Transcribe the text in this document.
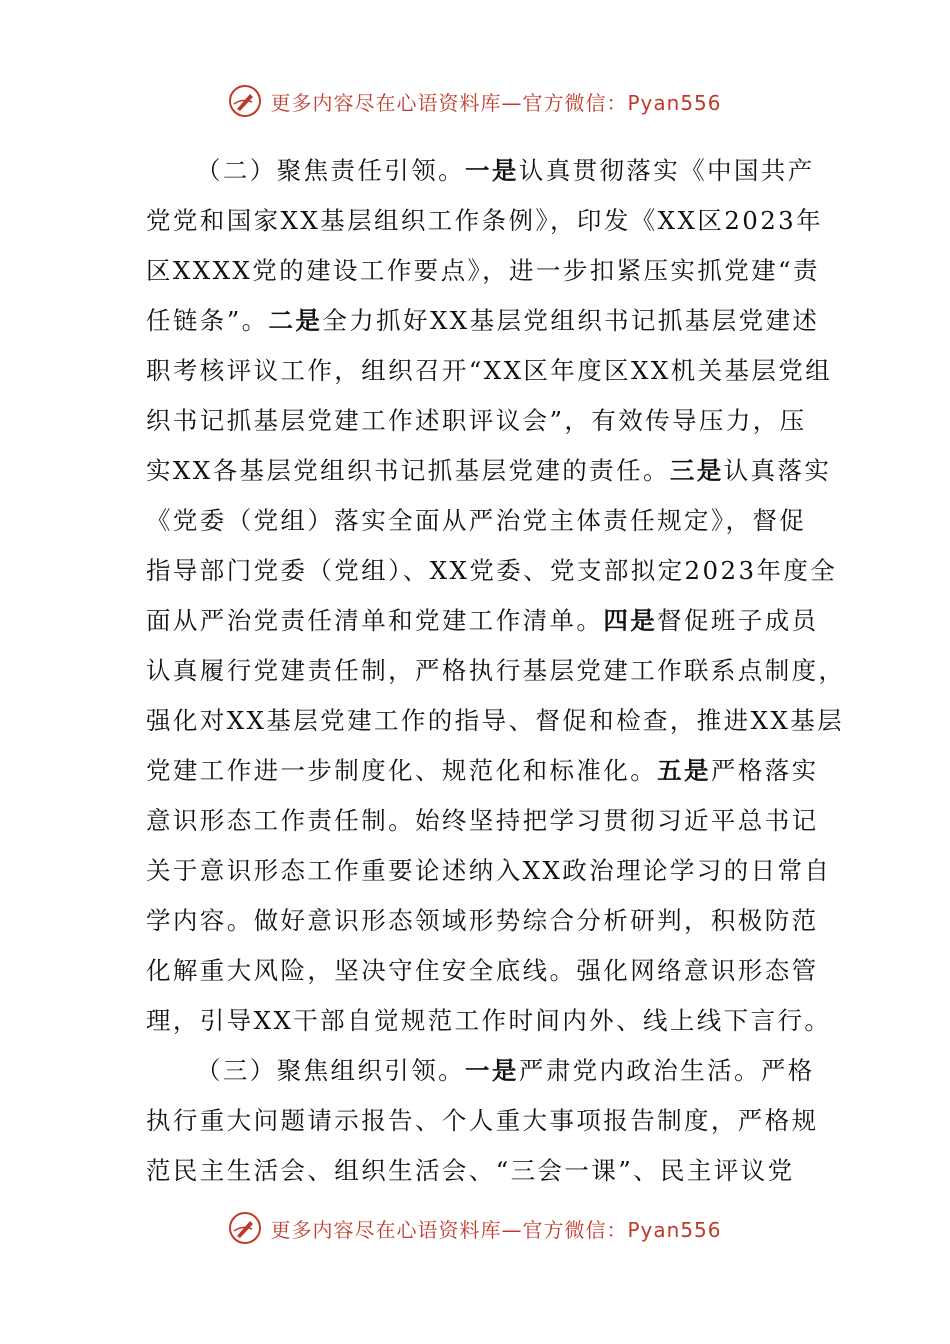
更多内容尽在心语资料库—官方微信：Pyan556
（二）聚焦责任引领。一是认真贯彻落实《中国共产
党党和国家XX基层组织工作条例》，印发《XX区2023年
区XXXX党的建设工作要点》，进一步扣紧压实抓党建“责
任链条”。二是全力抓好XX基层党组织书记抓基层党建述
职考核评议工作，组织召开“XX区年度区XX机关基层党组
织书记抓基层党建工作述职评议会”，有效传导压力，压
实XX各基层党组织书记抓基层党建的责任。三是认真落实
《党委（党组）落实全面从严治党主体责任规定》，督促
指导部门党委（党组）、XX党委、党支部拟定2023年度全
面从严治党责任清单和党建工作清单。四是督促班子成员
认真履行党建责任制，严格执行基层党建工作联系点制度，
强化对XX基层党建工作的指导、督促和检查，推进XX基层
党建工作进一步制度化、规范化和标准化。五是严格落实
意识形态工作责任制。始终坚持把学习贯彻习近平总书记
关于意识形态工作重要论述纳入XX政治理论学习的日常自
学内容。做好意识形态领域形势综合分析研判，积极防范
化解重大风险，坚决守住安全底线。强化网络意识形态管
理，引导XX干部自觉规范工作时间内外、线上线下言行。
（三）聚焦组织引领。一是严肃党内政治生活。严格
执行重大问题请示报告、个人重大事项报告制度，严格规
范民主生活会、组织生活会、“三会一课”、民主评议党
更多内容尽在心语资料库—官方微信：Pyan556
